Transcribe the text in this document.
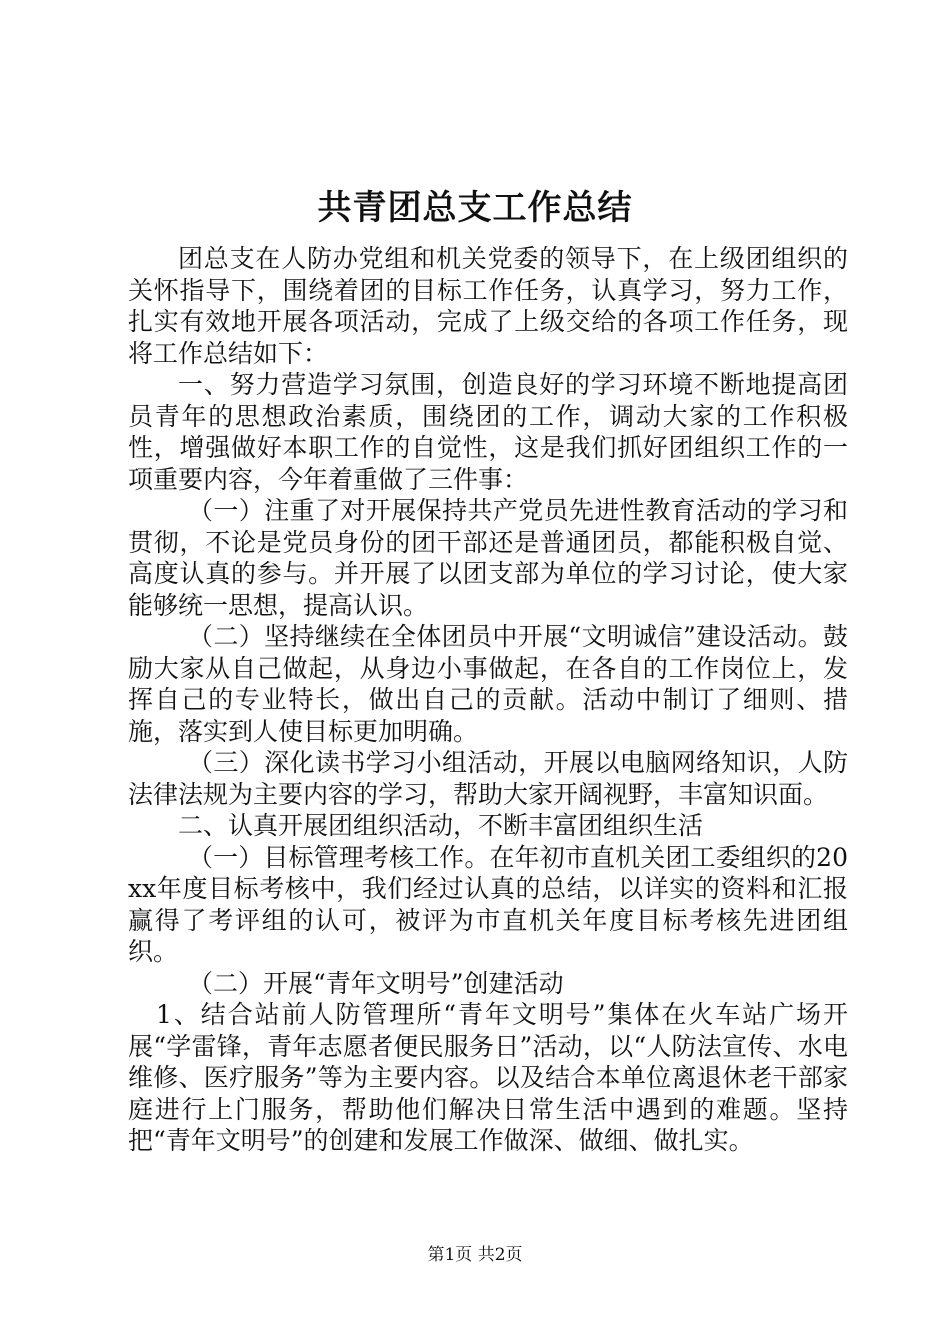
共青团总支工作总结

团总支在人防办党组和机关党委的领导下，在上级团组织的关怀指导下，围绕着团的目标工作任务，认真学习，努力工作，扎实有效地开展各项活动，完成了上级交给的各项工作任务，现将工作总结如下：

一、努力营造学习氛围，创造良好的学习环境不断地提高团员青年的思想政治素质，围绕团的工作，调动大家的工作积极性，增强做好本职工作的自觉性，这是我们抓好团组织工作的一项重要内容，今年着重做了三件事：

（一）注重了对开展保持共产党员先进性教育活动的学习和贯彻，不论是党员身份的团干部还是普通团员，都能积极自觉、高度认真的参与。并开展了以团支部为单位的学习讨论，使大家能够统一思想，提高认识。

（二）坚持继续在全体团员中开展“文明诚信”建设活动。鼓励大家从自己做起，从身边小事做起，在各自的工作岗位上，发挥自己的专业特长，做出自己的贡献。活动中制订了细则、措施，落实到人使目标更加明确。

（三）深化读书学习小组活动，开展以电脑网络知识，人防法律法规为主要内容的学习，帮助大家开阔视野，丰富知识面。

二、认真开展团组织活动，不断丰富团组织生活

（一）目标管理考核工作。在年初市直机关团工委组织的20xx年度目标考核中，我们经过认真的总结，以详实的资料和汇报赢得了考评组的认可，被评为市直机关年度目标考核先进团组织。

（二）开展“青年文明号”创建活动

1、结合站前人防管理所“青年文明号”集体在火车站广场开展“学雷锋，青年志愿者便民服务日”活动，以“人防法宣传、水电维修、医疗服务”等为主要内容。以及结合本单位离退休老干部家庭进行上门服务，帮助他们解决日常生活中遇到的难题。坚持把“青年文明号”的创建和发展工作做深、做细、做扎实。

第1页 共2页
